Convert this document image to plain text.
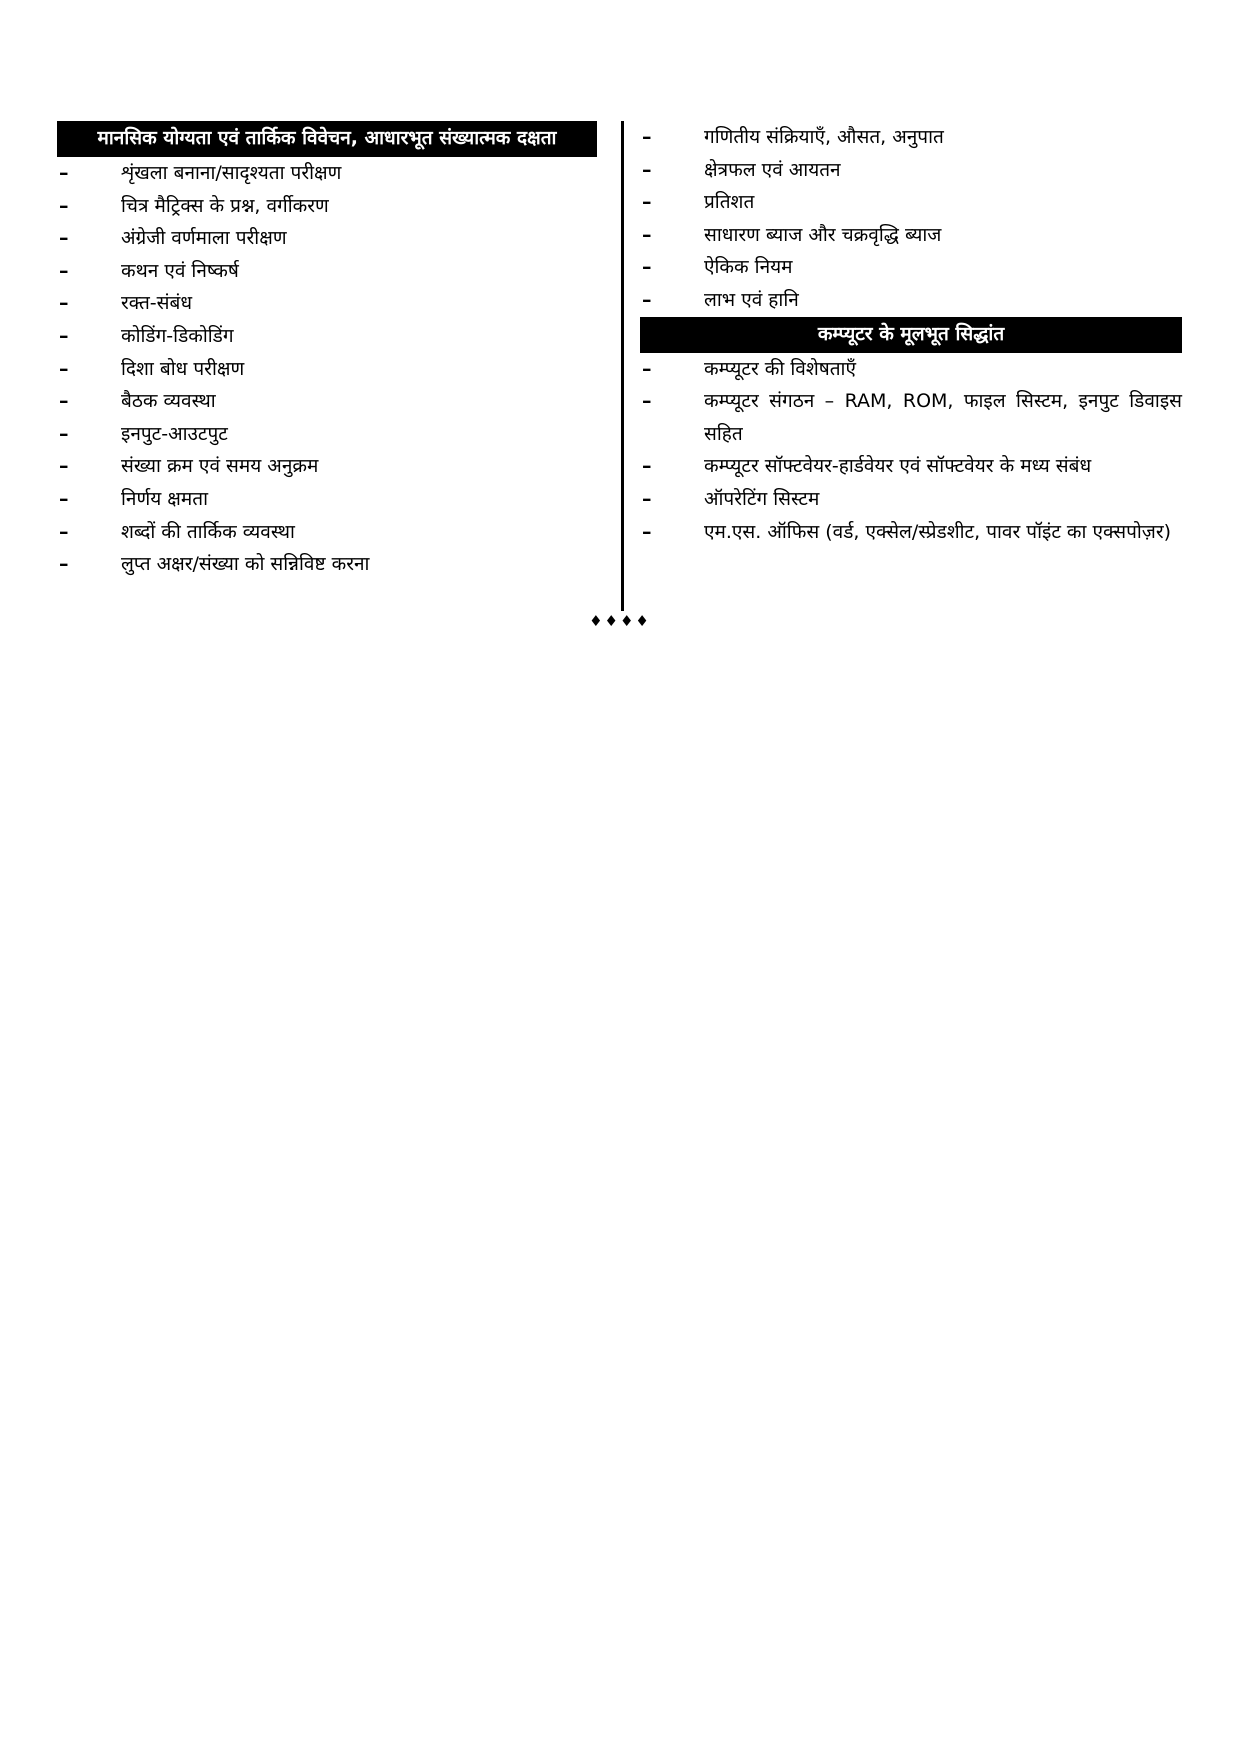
मानसिक योग्यता एवं तार्किक विवेचन, आधारभूत संख्यात्मक दक्षता
–	शृंखला बनाना/सादृश्यता परीक्षण
–	चित्र मैट्रिक्स के प्रश्न, वर्गीकरण
–	अंग्रेजी वर्णमाला परीक्षण
–	कथन एवं निष्कर्ष
–	रक्त-संबंध
–	कोडिंग-डिकोडिंग
–	दिशा बोध परीक्षण
–	बैठक व्यवस्था
–	इनपुट-आउटपुट
–	संख्या क्रम एवं समय अनुक्रम
–	निर्णय क्षमता
–	शब्दों की तार्किक व्यवस्था
–	लुप्त अक्षर/संख्या को सन्निविष्ट करना
–	गणितीय संक्रियाएँ, औसत, अनुपात
–	क्षेत्रफल एवं आयतन
–	प्रतिशत
–	साधारण ब्याज और चक्रवृद्धि ब्याज
–	ऐकिक नियम
–	लाभ एवं हानि
कम्प्यूटर के मूलभूत सिद्धांत
–	कम्प्यूटर की विशेषताएँ
–	कम्प्यूटर संगठन – RAM, ROM, फाइल सिस्टम, इनपुट डिवाइस सहित
–	कम्प्यूटर सॉफ्टवेयर-हार्डवेयर एवं सॉफ्टवेयर के मध्य संबंध
–	ऑपरेटिंग सिस्टम
–	एम.एस. ऑफिस (वर्ड, एक्सेल/स्प्रेडशीट, पावर पॉइंट का एक्सपोज़र)
♦♦♦♦
